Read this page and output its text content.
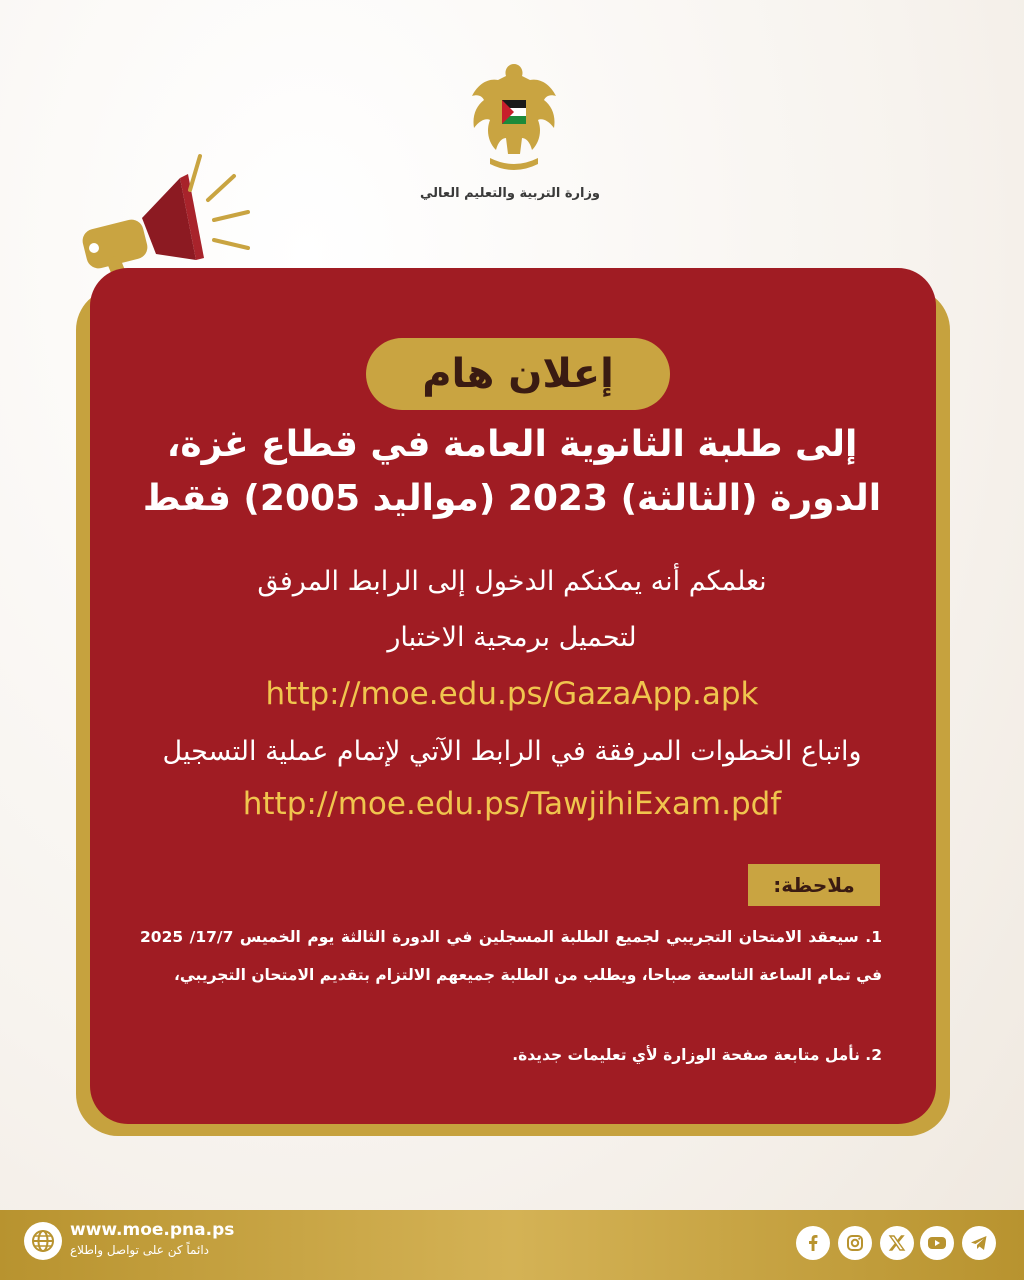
وزارة التربية والتعليم العالي
إعلان هام
إلى طلبة الثانوية العامة في قطاع غزة،
الدورة (الثالثة) 2023 (مواليد 2005) فقط
نعلمكم أنه يمكنكم الدخول إلى الرابط المرفق
لتحميل برمجية الاختبار
http://moe.edu.ps/GazaApp.apk
واتباع الخطوات المرفقة في الرابط الآتي لإتمام عملية التسجيل
http://moe.edu.ps/TawjihiExam.pdf
ملاحظة:
1. سيعقد الامتحان التجريبي لجميع الطلبة المسجلين في الدورة الثالثة يوم الخميس 17/7/ 2025 في تمام الساعة التاسعة صباحا، ويطلب من الطلبة جميعهم الالتزام بتقديم الامتحان التجريبي،
2. نأمل متابعة صفحة الوزارة لأي تعليمات جديدة.
www.moe.pna.ps
دائماً كن على تواصل واطلاع
